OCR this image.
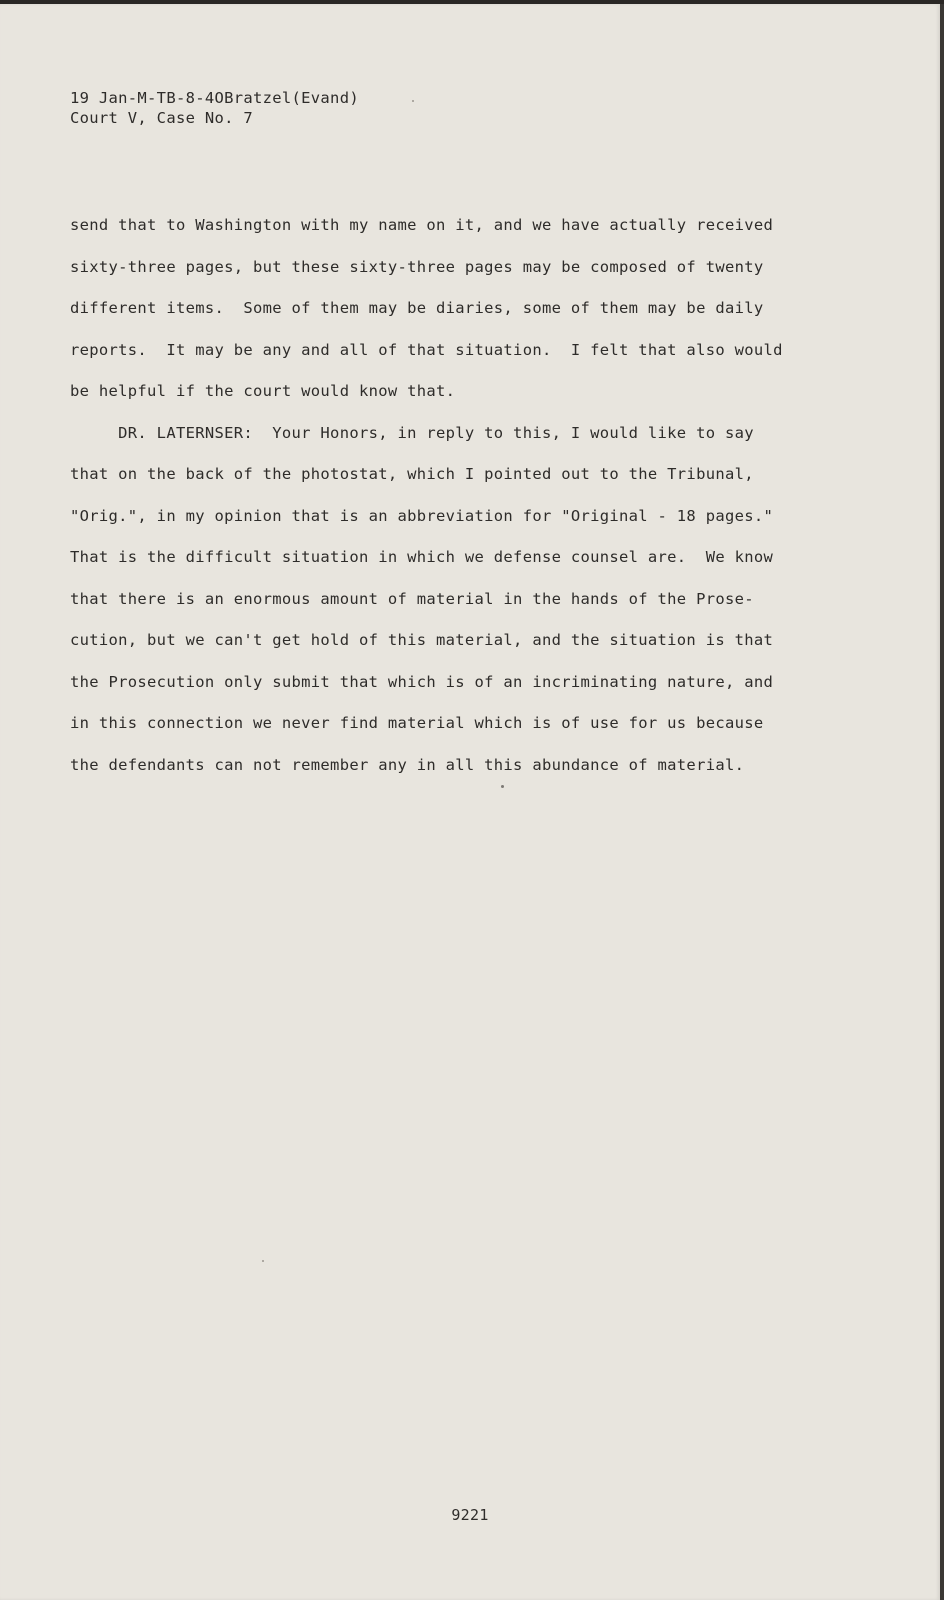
19 Jan-M-TB-8-4OBratzel(Evand)
Court V, Case No. 7
send that to Washington with my name on it, and we have actually received
sixty-three pages, but these sixty-three pages may be composed of twenty
different items.  Some of them may be diaries, some of them may be daily
reports.  It may be any and all of that situation.  I felt that also would
be helpful if the court would know that.
DR. LATERNSER:  Your Honors, in reply to this, I would like to say
that on the back of the photostat, which I pointed out to the Tribunal,
"Orig.", in my opinion that is an abbreviation for "Original - 18 pages."
That is the difficult situation in which we defense counsel are.  We know
that there is an enormous amount of material in the hands of the Prose-
cution, but we can't get hold of this material, and the situation is that
the Prosecution only submit that which is of an incriminating nature, and
in this connection we never find material which is of use for us because
the defendants can not remember any in all this abundance of material.
9221
